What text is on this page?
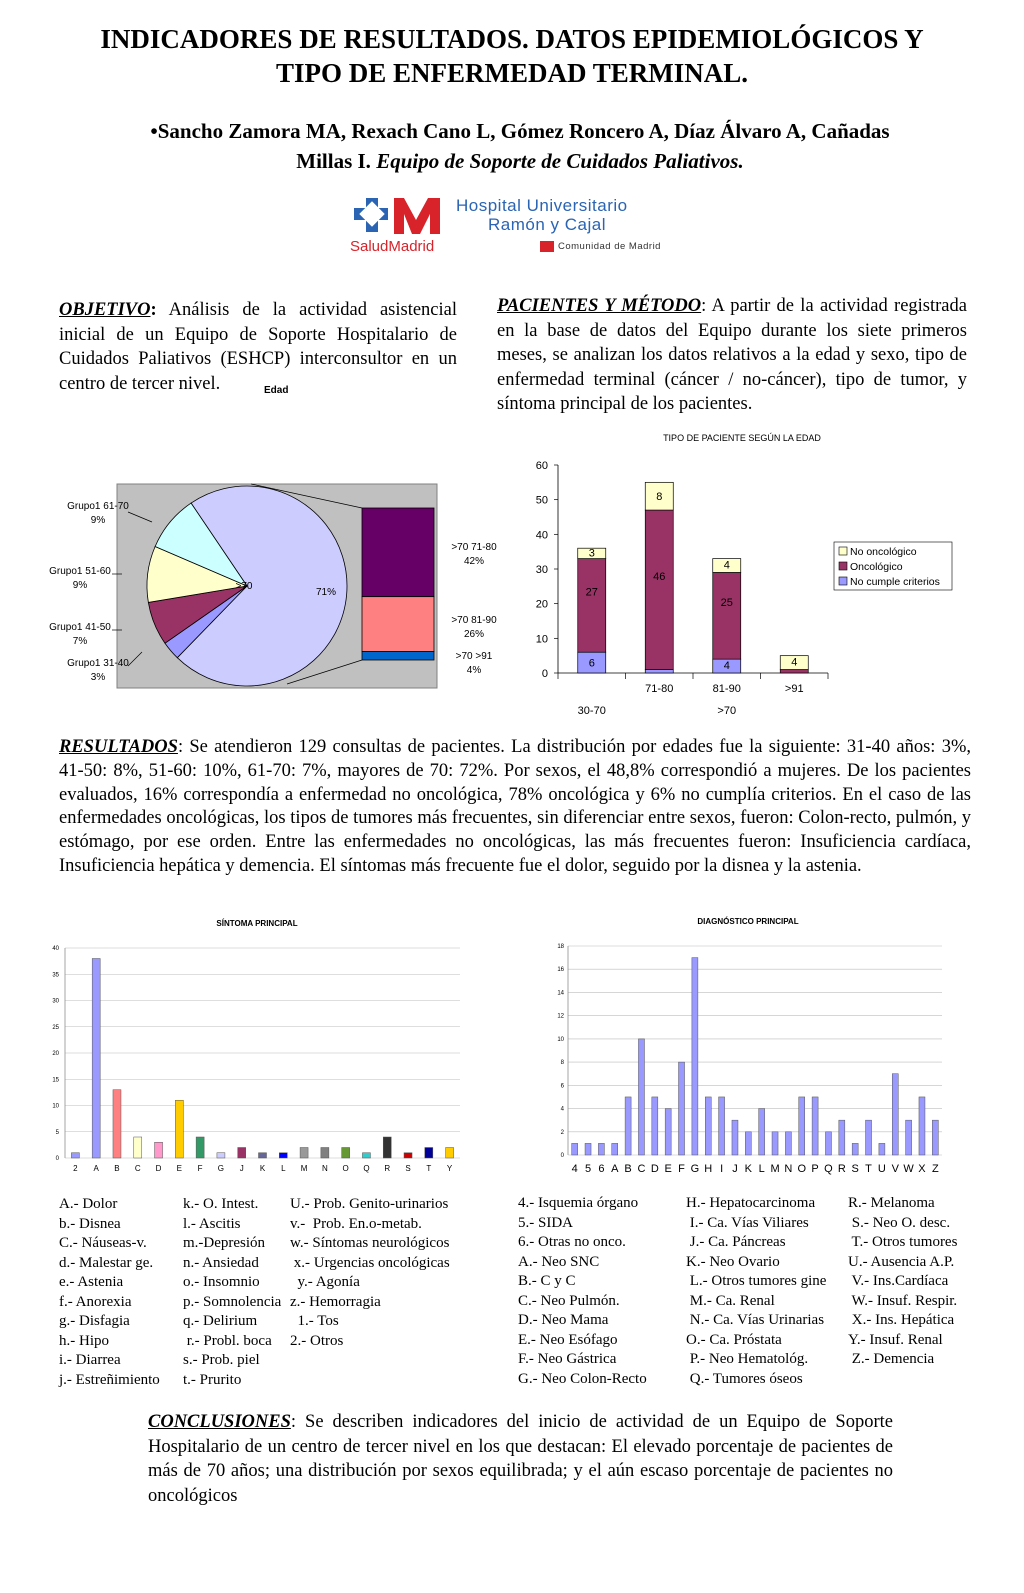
INDICADORES DE RESULTADOS. DATOS EPIDEMIOLÓGICOS Y
TIPO DE ENFERMEDAD TERMINAL.
•Sancho Zamora MA, Rexach Cano L, Gómez Roncero A, Díaz Álvaro A, Cañadas
Millas I. Equipo de Soporte de Cuidados Paliativos.
SaludMadrid
Hospital Universitario
Ramón y Cajal
Comunidad de Madrid
OBJETIVO: Análisis de la actividad asistencial inicial de un Equipo de Soporte Hospitalario de Cuidados Paliativos (ESHCP) interconsultor en un centro de tercer nivel.	Edad
PACIENTES Y MÉTODO: A partir de la actividad registrada en la base de datos del Equipo durante los siete primeros meses, se analizan los datos relativos a la edad y sexo, tipo de enfermedad terminal (cáncer / no-cáncer), tipo de tumor, y síntoma principal de los pacientes.
>70
71%
Grupo1 61-70
9%
Grupo1 51-60
9%
Grupo1 41-50
7%
Grupo1 31-40
3%
>70 71-80
42%
>70 81-90
26%
>70 >91
4%
TIPO DE PACIENTE SEGÚN LA EDAD
0
10
20
30
40
50
60
6
27
3
46
8
71-80
4
25
4
81-90
4
>91
30-70	>70
No oncológico
Oncológico
No cumple criterios
RESULTADOS: Se atendieron 129 consultas de pacientes. La distribución por edades fue la siguiente: 31-40 años: 3%, 41-50: 8%, 51-60: 10%, 61-70: 7%, mayores de 70: 72%. Por sexos, el 48,8% correspondió a mujeres. De los pacientes evaluados, 16% correspondía a enfermedad no oncológica, 78% oncológica y 6% no cumplía criterios. En el caso de las enfermedades oncológicas, los tipos de tumores más frecuentes, sin diferenciar entre sexos, fueron: Colon-recto, pulmón, y estómago, por ese orden. Entre las enfermedades no oncológicas, las más frecuentes fueron: Insuficiencia cardíaca, Insuficiencia hepática y demencia. El síntomas más frecuente fue el dolor, seguido por la disnea y la astenia.
SÍNTOMA PRINCIPAL
0
5
10
15
20
25
30
35
40
2 A B C D E F G J K L M N O Q R S T Y
DIAGNÓSTICO PRINCIPAL
0
2
4
6
8
10
12
14
16
18
4 5 6 A B C D E F G H I J K L M N O P Q R S T U V W X Z
A.- Dolor
b.- Disnea
C.- Náuseas-v.
d.- Malestar ge.
e.- Astenia
f.- Anorexia
g.- Disfagia
h.- Hipo
i.- Diarrea
j.- Estreñimiento
k.- O. Intest.
l.- Ascitis
m.-Depresión
n.- Ansiedad
o.- Insomnio
p.- Somnolencia
q.- Delirium
r.- Probl. boca
s.- Prob. piel
t.- Prurito
U.- Prob. Genito-urinarios
v.-  Prob. En.o-metab.
w.- Síntomas neurológicos
x.- Urgencias oncológicas
y.- Agonía
z.- Hemorragia
1.- Tos
2.- Otros
4.- Isquemia órgano
5.- SIDA
6.- Otras no onco.
A.- Neo SNC
B.- C y C
C.- Neo Pulmón.
D.- Neo Mama
E.- Neo Esófago
F.- Neo Gástrica
G.- Neo Colon-Recto
H.- Hepatocarcinoma
I.- Ca. Vías Viliares
J.- Ca. Páncreas
K.- Neo Ovario
L.- Otros tumores gine
M.- Ca. Renal
N.- Ca. Vías Urinarias
O.- Ca. Próstata
P.- Neo Hematológ.
Q.- Tumores óseos
R.- Melanoma
S.- Neo O. desc.
T.- Otros tumores
U.- Ausencia A.P.
V.- Ins.Cardíaca
W.- Insuf. Respir.
X.- Ins. Hepática
Y.- Insuf. Renal
Z.- Demencia
CONCLUSIONES: Se describen indicadores del inicio de actividad de un Equipo de Soporte Hospitalario de un centro de tercer nivel en los que destacan: El elevado porcentaje de pacientes de más de 70 años; una distribución por sexos equilibrada; y el aún escaso porcentaje de pacientes no oncológicos
